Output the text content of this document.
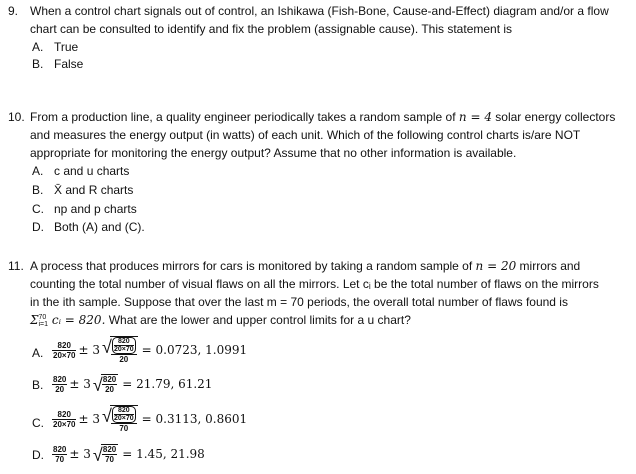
9. When a control chart signals out of control, an Ishikawa (Fish-Bone, Cause-and-Effect) diagram and/or a flow
chart can be consulted to identify and fix the problem (assignable cause). This statement is
A. True
B. False
10. From a production line, a quality engineer periodically takes a random sample of n = 4 solar energy collectors
and measures the energy output (in watts) of each unit. Which of the following control charts is/are NOT
appropriate for monitoring the energy output? Assume that no other information is available.
A. c and u charts
B. X̄ and R charts
C. np and p charts
D. Both (A) and (C).
11. A process that produces mirrors for cars is monitored by taking a random sample of n = 20 mirrors and
counting the total number of visual flaws on all the mirrors. Let cᵢ be the total number of flaws on the mirrors
in the ith sample. Suppose that over the last m = 70 periods, the overall total number of flaws found is
Σ 70
i=1 cᵢ = 820. What are the lower and upper control limits for a u chart?
A. $\frac{820}{20\times 70} \pm 3$ √ $\frac{\frac{820}{20\times 70}}{20} = 0.0723$, 1.0991
B. $\frac{820}{20} \pm 3$ √ $\frac{820}{20} = 21.79$, 61.21
C. $\frac{820}{20\times 70} \pm 3$ √ $\frac{\frac{820}{20\times 70}}{70} = 0.3113$, 0.8601
D. $\frac{820}{70} \pm 3$ √ $\frac{820}{70} = 1.45$, 21.98
